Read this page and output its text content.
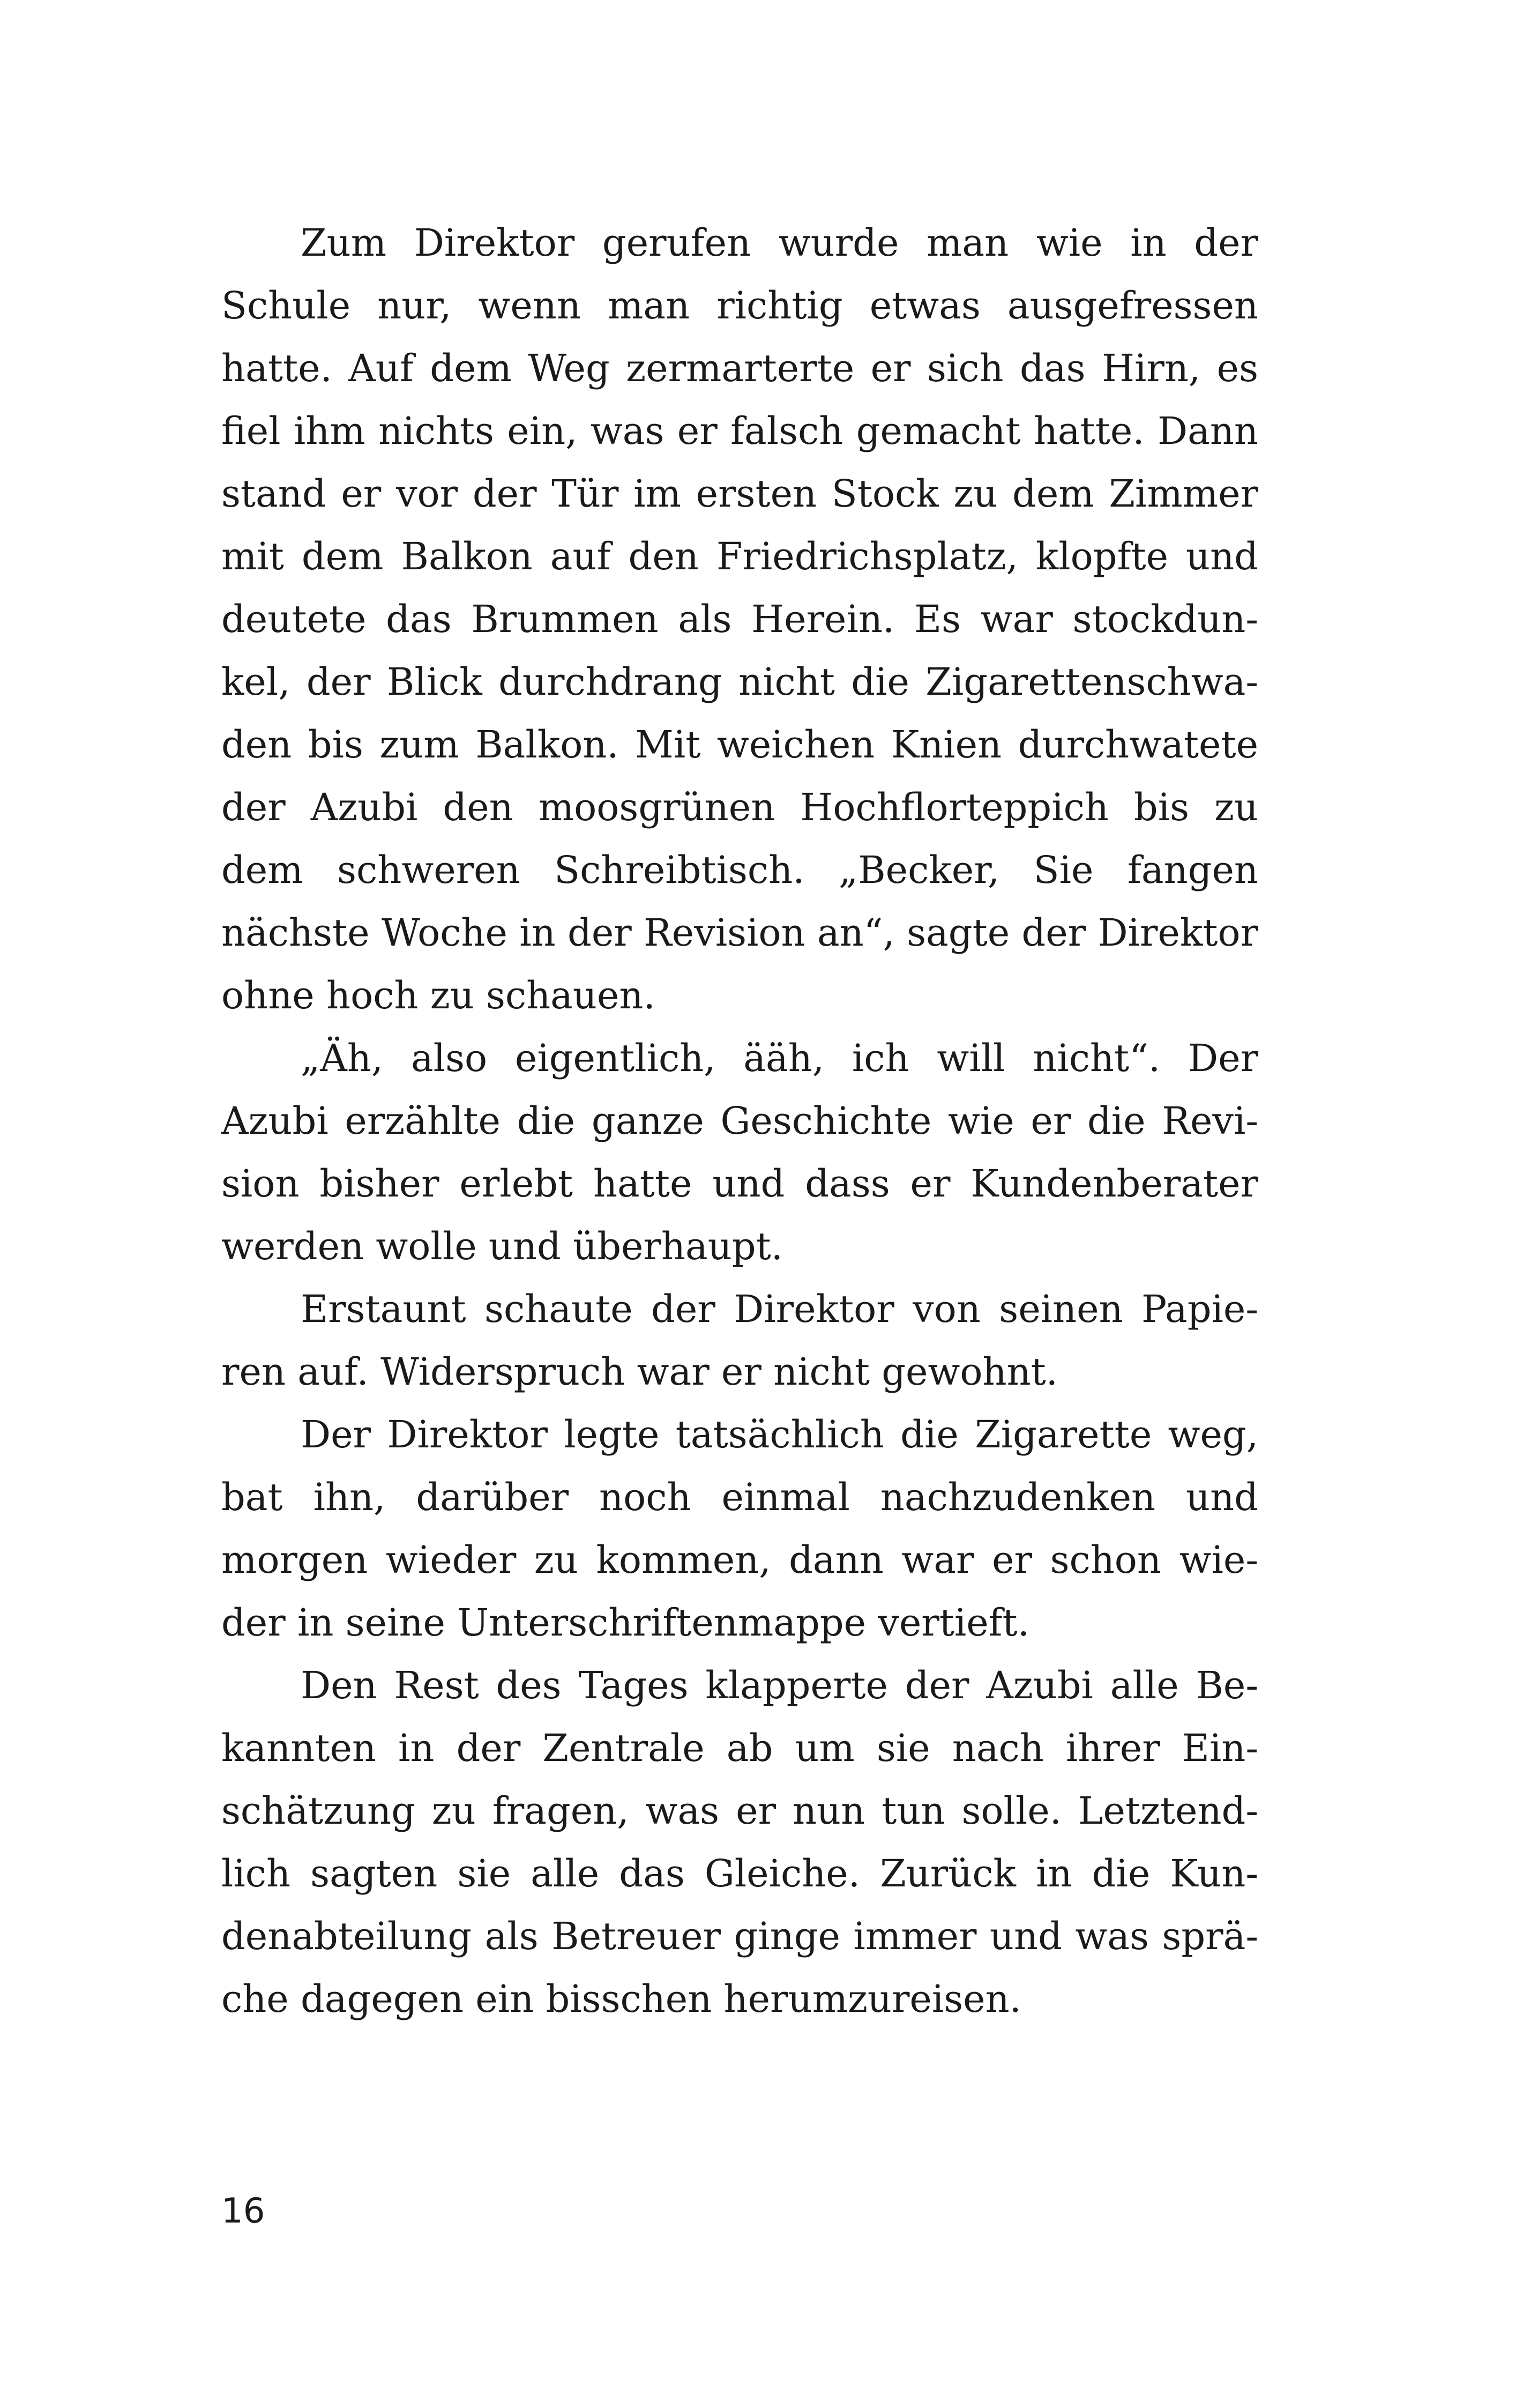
Zum Direktor gerufen wurde man wie in der Schule nur, wenn man richtig etwas ausgefressen hatte. Auf dem Weg zermarterte er sich das Hirn, es fiel ihm nichts ein, was er falsch gemacht hatte. Dann stand er vor der Tür im ersten Stock zu dem Zimmer mit dem Balkon auf den Friedrichsplatz, klopfte und deutete das Brummen als Herein. Es war stockdunkel, der Blick durchdrang nicht die Zigarettenschwaden bis zum Balkon. Mit weichen Knien durchwatete der Azubi den moosgrünen Hochflorteppich bis zu dem schweren Schreibtisch. „Becker, Sie fangen nächste Woche in der Revision an“, sagte der Direktor ohne hoch zu schauen.

„Äh, also eigentlich, ääh, ich will nicht“. Der Azubi erzählte die ganze Geschichte wie er die Revision bisher erlebt hatte und dass er Kundenberater werden wolle und überhaupt.

Erstaunt schaute der Direktor von seinen Papieren auf. Widerspruch war er nicht gewohnt.

Der Direktor legte tatsächlich die Zigarette weg, bat ihn, darüber noch einmal nachzudenken und morgen wieder zu kommen, dann war er schon wieder in seine Unterschriftenmappe vertieft.

Den Rest des Tages klapperte der Azubi alle Bekannten in der Zentrale ab um sie nach ihrer Einschätzung zu fragen, was er nun tun solle. Letztendlich sagten sie alle das Gleiche. Zurück in die Kundenabteilung als Betreuer ginge immer und was spräche dagegen ein bisschen herumzureisen.

16
